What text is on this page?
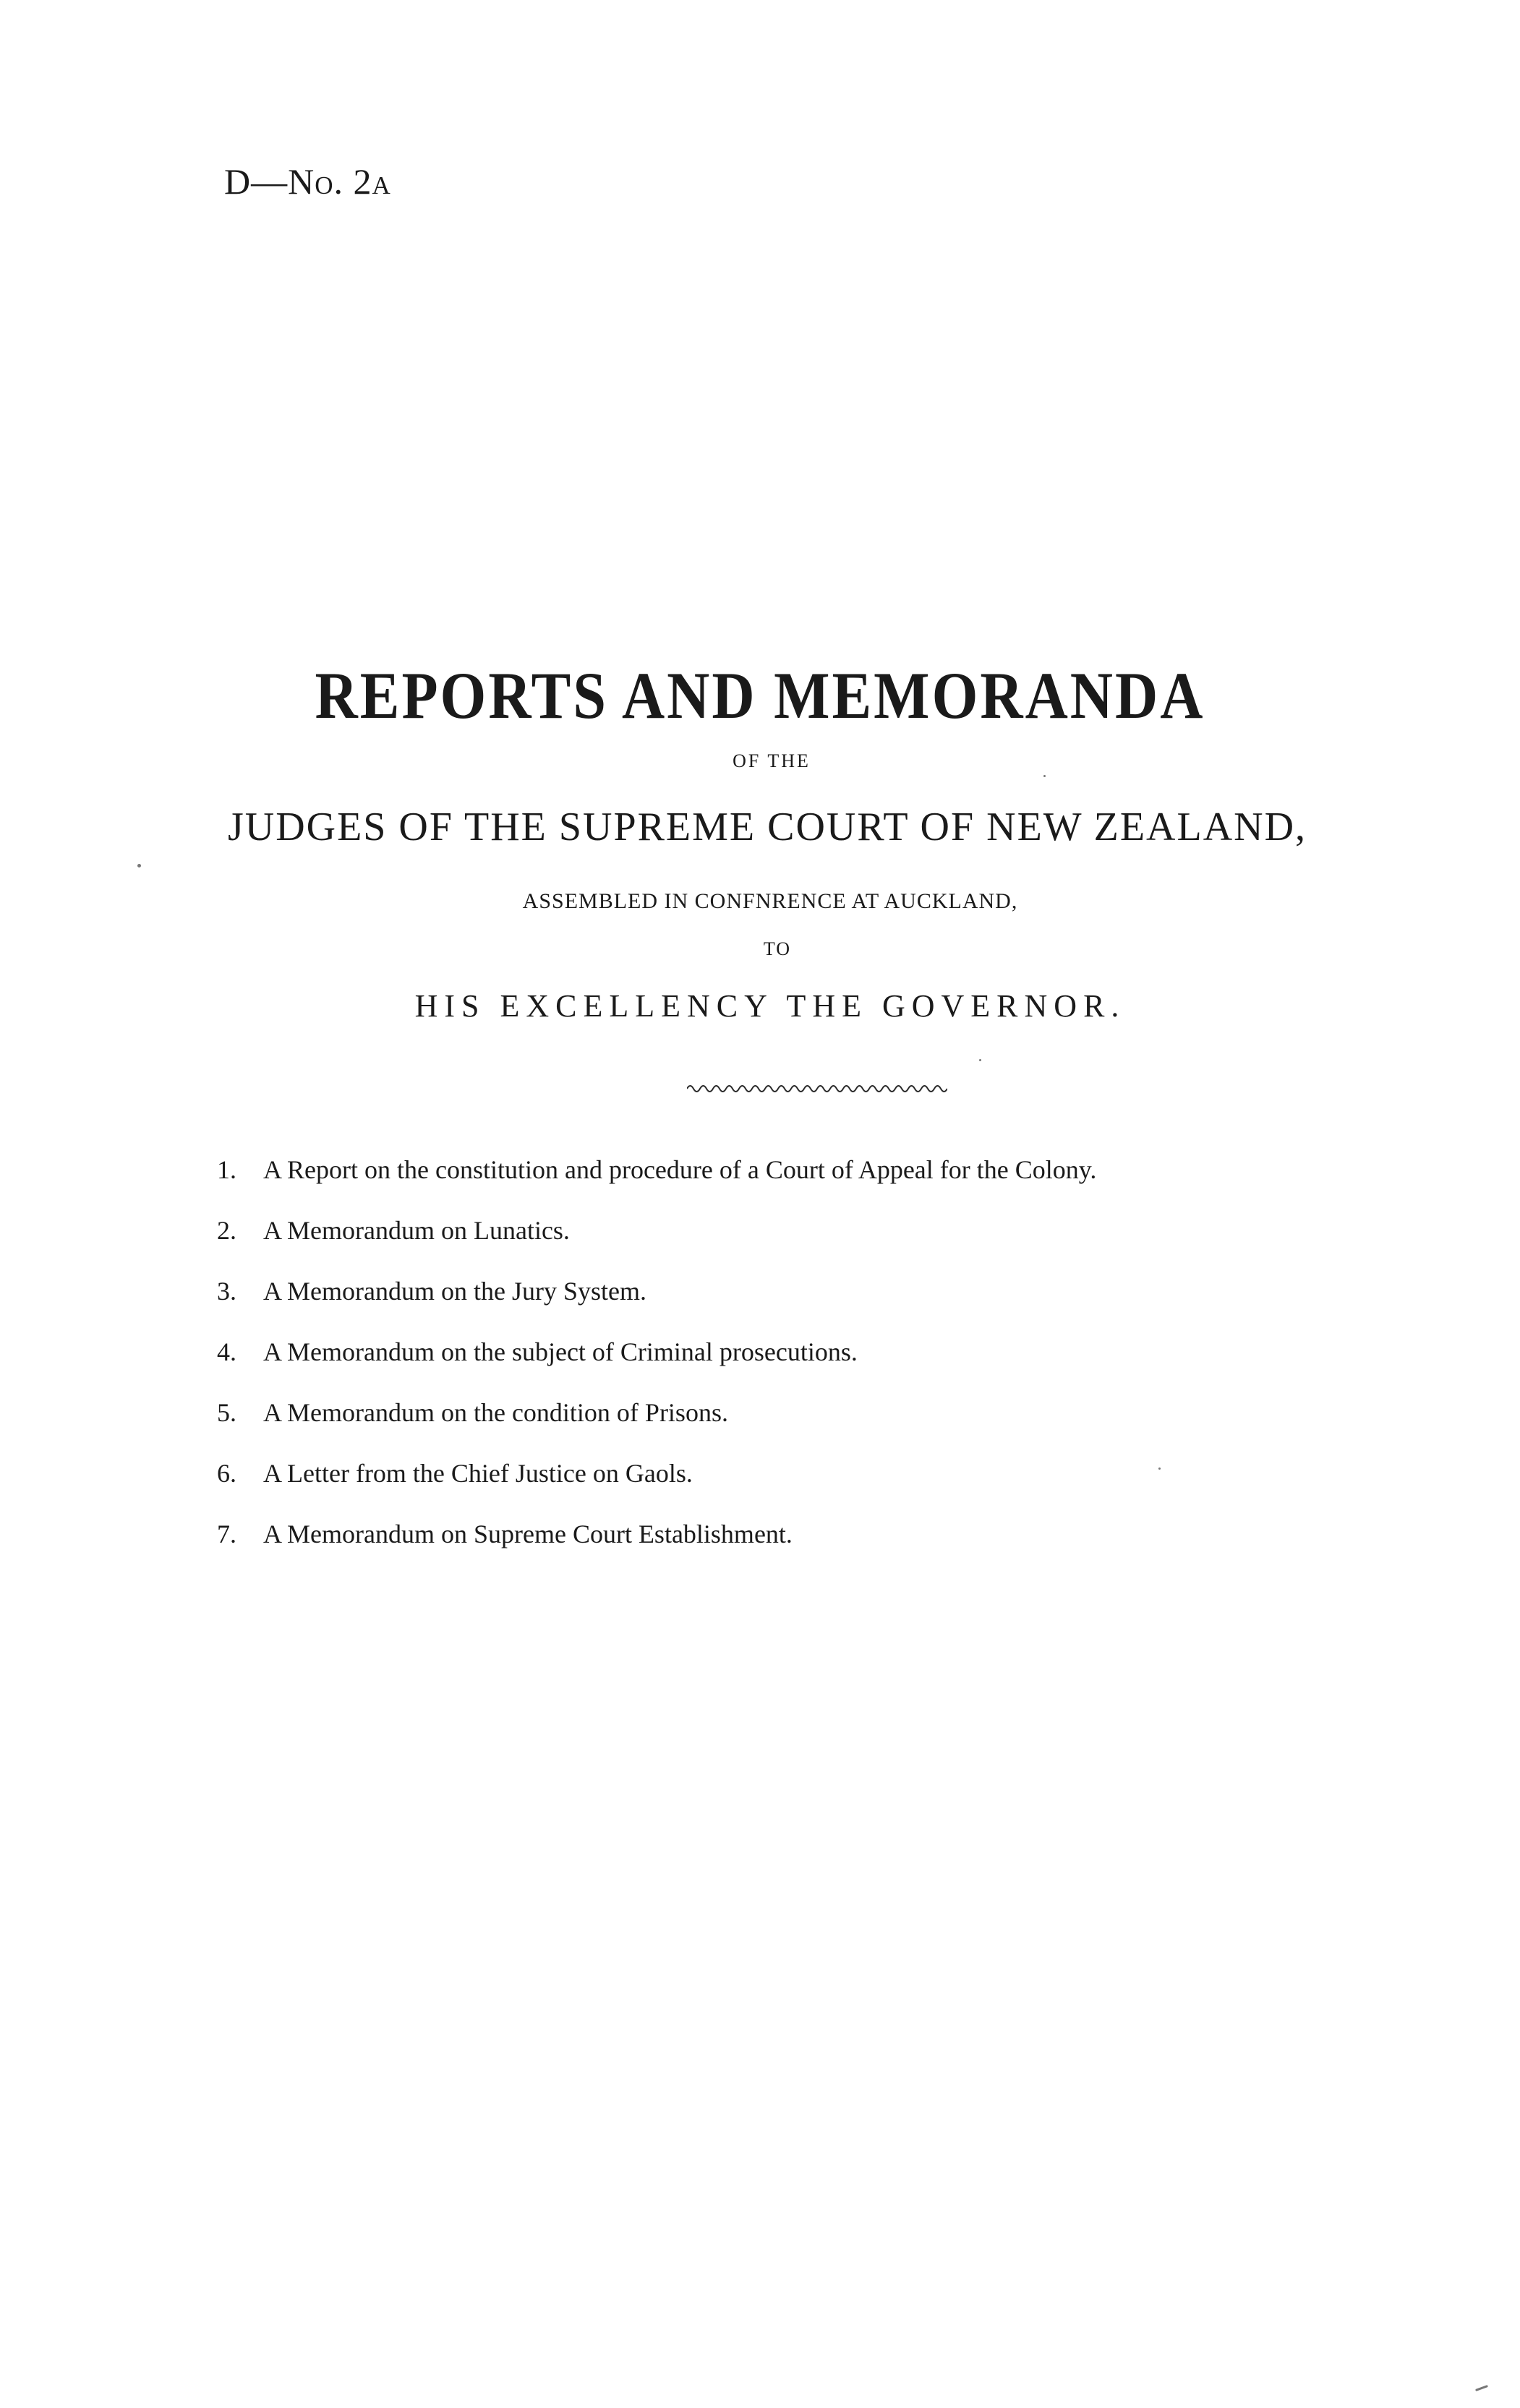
D—No. 2a
REPORTS AND MEMORANDA
OF THE
JUDGES OF THE SUPREME COURT OF NEW ZEALAND,
ASSEMBLED IN CONFNRENCE AT AUCKLAND,
TO
HIS EXCELLENCY THE GOVERNOR.
1. A Report on the constitution and procedure of a Court of Appeal for the Colony.
2. A Memorandum on Lunatics.
3. A Memorandum on the Jury System.
4. A Memorandum on the subject of Criminal prosecutions.
5. A Memorandum on the condition of Prisons.
6. A Letter from the Chief Justice on Gaols.
7. A Memorandum on Supreme Court Establishment.
